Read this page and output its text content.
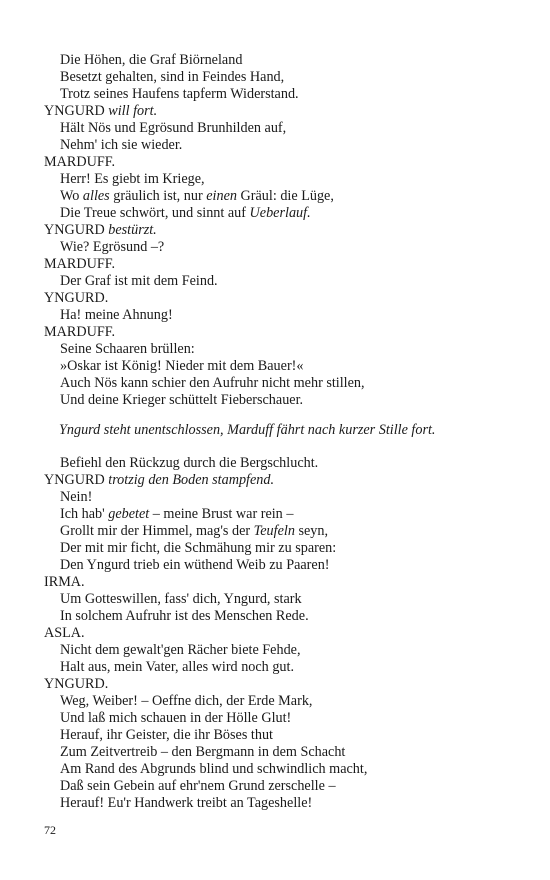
Die Höhen, die Graf Biörneland
Besetzt gehalten, sind in Feindes Hand,
Trotz seines Haufens tapferm Widerstand.
YNGURD will fort.
Hält Nös und Egrösund Brunhilden auf,
Nehm' ich sie wieder.
MARDUFF.
Herr! Es giebt im Kriege,
Wo alles gräulich ist, nur einen Gräul: die Lüge,
Die Treue schwört, und sinnt auf Ueberlauf.
YNGURD bestürzt.
Wie? Egrösund –?
MARDUFF.
Der Graf ist mit dem Feind.
YNGURD.
Ha! meine Ahnung!
MARDUFF.
Seine Schaaren brüllen:
»Oskar ist König! Nieder mit dem Bauer!«
Auch Nös kann schier den Aufruhr nicht mehr stillen,
Und deine Krieger schüttelt Fieberschauer.
Yngurd steht unentschlossen, Marduff fährt nach kurzer Stille fort.
Befiehl den Rückzug durch die Bergschlucht.
YNGURD trotzig den Boden stampfend.
Nein!
Ich hab' gebetet – meine Brust war rein –
Grollt mir der Himmel, mag's der Teufeln seyn,
Der mit mir ficht, die Schmähung mir zu sparen:
Den Yngurd trieb ein wüthend Weib zu Paaren!
IRMA.
Um Gotteswillen, fass' dich, Yngurd, stark
In solchem Aufruhr ist des Menschen Rede.
ASLA.
Nicht dem gewalt'gen Rächer biete Fehde,
Halt aus, mein Vater, alles wird noch gut.
YNGURD.
Weg, Weiber! – Oeffne dich, der Erde Mark,
Und laß mich schauen in der Hölle Glut!
Herauf, ihr Geister, die ihr Böses thut
Zum Zeitvertreib – den Bergmann in dem Schacht
Am Rand des Abgrunds blind und schwindlich macht,
Daß sein Gebein auf ehr'nem Grund zerschelle –
Herauf! Eu'r Handwerk treibt an Tageshelle!
72
